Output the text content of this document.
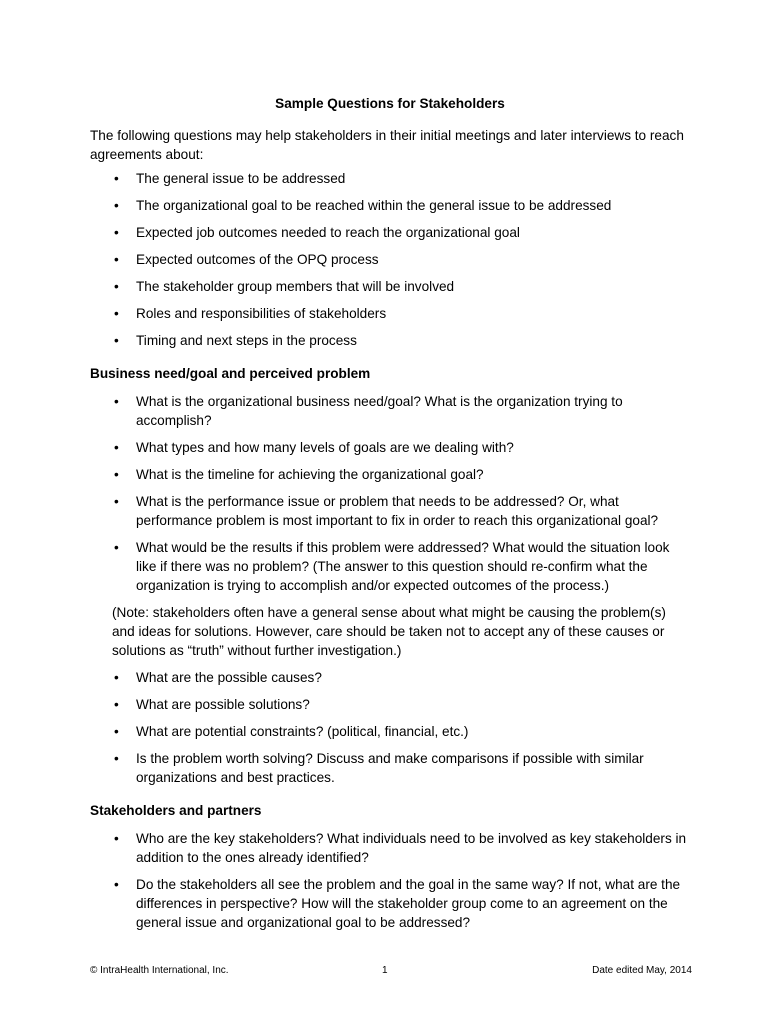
Sample Questions for Stakeholders

The following questions may help stakeholders in their initial meetings and later interviews to reach agreements about:

• The general issue to be addressed
• The organizational goal to be reached within the general issue to be addressed
• Expected job outcomes needed to reach the organizational goal
• Expected outcomes of the OPQ process
• The stakeholder group members that will be involved
• Roles and responsibilities of stakeholders
• Timing and next steps in the process
Business need/goal and perceived problem
• What is the organizational business need/goal? What is the organization trying to accomplish?
• What types and how many levels of goals are we dealing with?
• What is the timeline for achieving the organizational goal?
• What is the performance issue or problem that needs to be addressed? Or, what performance problem is most important to fix in order to reach this organizational goal?
• What would be the results if this problem were addressed? What would the situation look like if there was no problem? (The answer to this question should re-confirm what the organization is trying to accomplish and/or expected outcomes of the process.)

(Note: stakeholders often have a general sense about what might be causing the problem(s) and ideas for solutions. However, care should be taken not to accept any of these causes or solutions as “truth” without further investigation.)

• What are the possible causes?
• What are possible solutions?
• What are potential constraints? (political, financial, etc.)
• Is the problem worth solving? Discuss and make comparisons if possible with similar organizations and best practices.
Stakeholders and partners
• Who are the key stakeholders? What individuals need to be involved as key stakeholders in addition to the ones already identified?
• Do the stakeholders all see the problem and the goal in the same way? If not, what are the differences in perspective? How will the stakeholder group come to an agreement on the general issue and organizational goal to be addressed?
© IntraHealth International, Inc.	1	Date edited May, 2014
